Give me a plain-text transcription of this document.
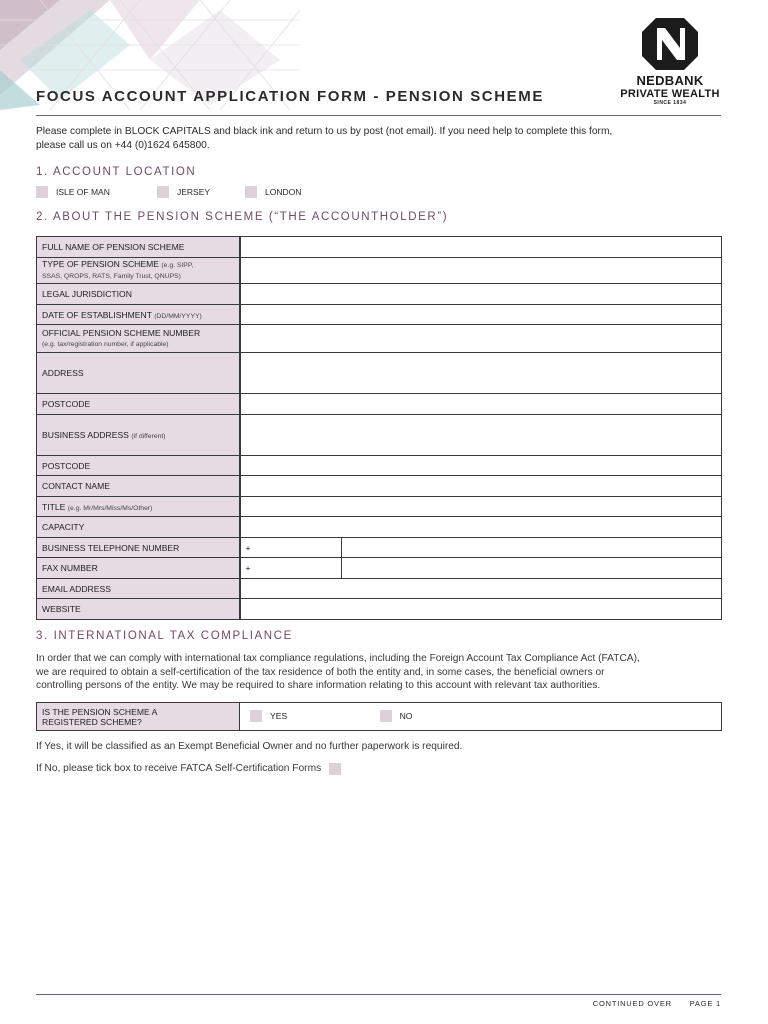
NEDBANK
PRIVATE WEALTH
SINCE 1834
FOCUS ACCOUNT APPLICATION FORM - PENSION SCHEME
Please complete in BLOCK CAPITALS and black ink and return to us by post (not email). If you need help to complete this form,
please call us on +44 (0)1624 645800.
1. ACCOUNT LOCATION
ISLE OF MAN	JERSEY	LONDON
2. ABOUT THE PENSION SCHEME (“THE ACCOUNTHOLDER”)
FULL NAME OF PENSION SCHEME		
TYPE OF PENSION SCHEME (e.g. SIPP,
SSAS, QROPS, RATS, Family Trust, QNUPS)		
LEGAL JURISDICTION		
DATE OF ESTABLISHMENT (DD/MM/YYYY)		
OFFICIAL PENSION SCHEME NUMBER
(e.g. tax/registration number, if applicable)		
ADDRESS		
POSTCODE		
BUSINESS ADDRESS (if different)		
POSTCODE		
CONTACT NAME		
TITLE (e.g. Mr/Mrs/Miss/Ms/Other)		
CAPACITY		
BUSINESS TELEPHONE NUMBER	+	
FAX NUMBER	+	
EMAIL ADDRESS		
WEBSITE		
3. INTERNATIONAL TAX COMPLIANCE
In order that we can comply with international tax compliance regulations, including the Foreign Account Tax Compliance Act (FATCA),
we are required to obtain a self-certification of the tax residence of both the entity and, in some cases, the beneficial owners or
controlling persons of the entity. We may be required to share information relating to this account with relevant tax authorities.
IS THE PENSION SCHEME A
REGISTERED SCHEME?	
YES
	NO
If Yes, it will be classified as an Exempt Beneficial Owner and no further paperwork is required.
If No, please tick box to receive FATCA Self-Certification Forms
CONTINUED OVER PAGE 1
